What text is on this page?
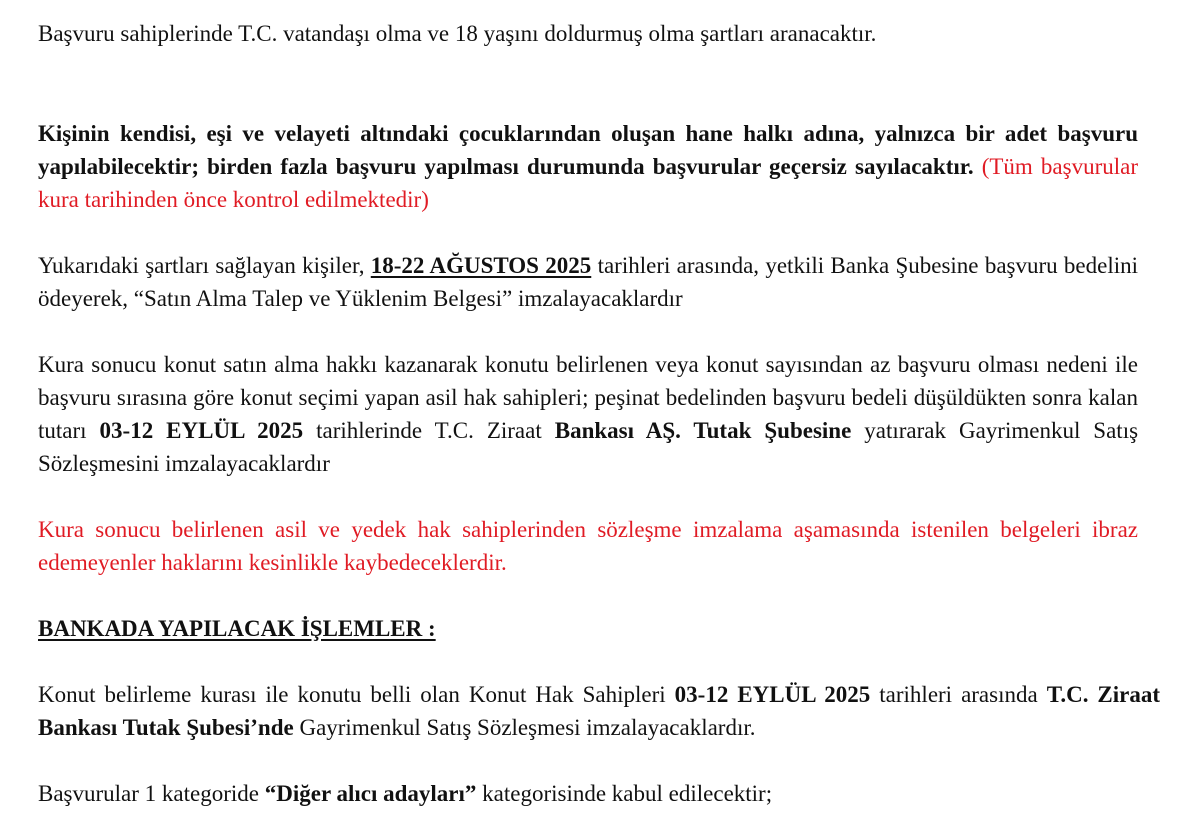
Başvuru sahiplerinde T.C. vatandaşı olma ve 18 yaşını doldurmuş olma şartları aranacaktır.

Kişinin kendisi, eşi ve velayeti altındaki çocuklarından oluşan hane halkı adına, yalnızca bir adet başvuru yapılabilecektir; birden fazla başvuru yapılması durumunda başvurular geçersiz sayılacaktır. (Tüm başvurular kura tarihinden önce kontrol edilmektedir)

Yukarıdaki şartları sağlayan kişiler, 18-22 AĞUSTOS 2025 tarihleri arasında, yetkili Banka Şubesine başvuru bedelini ödeyerek, “Satın Alma Talep ve Yüklenim Belgesi” imzalayacaklardır

Kura sonucu konut satın alma hakkı kazanarak konutu belirlenen veya konut sayısından az başvuru olması nedeni ile başvuru sırasına göre konut seçimi yapan asil hak sahipleri; peşinat bedelinden başvuru bedeli düşüldükten sonra kalan tutarı 03-12 EYLÜL 2025 tarihlerinde T.C. Ziraat Bankası AŞ. Tutak Şubesine yatırarak Gayrimenkul Satış Sözleşmesini imzalayacaklardır

Kura sonucu belirlenen asil ve yedek hak sahiplerinden sözleşme imzalama aşamasında istenilen belgeleri ibraz edemeyenler haklarını kesinlikle kaybedeceklerdir.

BANKADA YAPILACAK İŞLEMLER :

Konut belirleme kurası ile konutu belli olan Konut Hak Sahipleri 03-12 EYLÜL 2025 tarihleri arasında T.C. Ziraat Bankası Tutak Şubesi’nde Gayrimenkul Satış Sözleşmesi imzalayacaklardır.

Başvurular 1 kategoride “Diğer alıcı adayları” kategorisinde kabul edilecektir;
